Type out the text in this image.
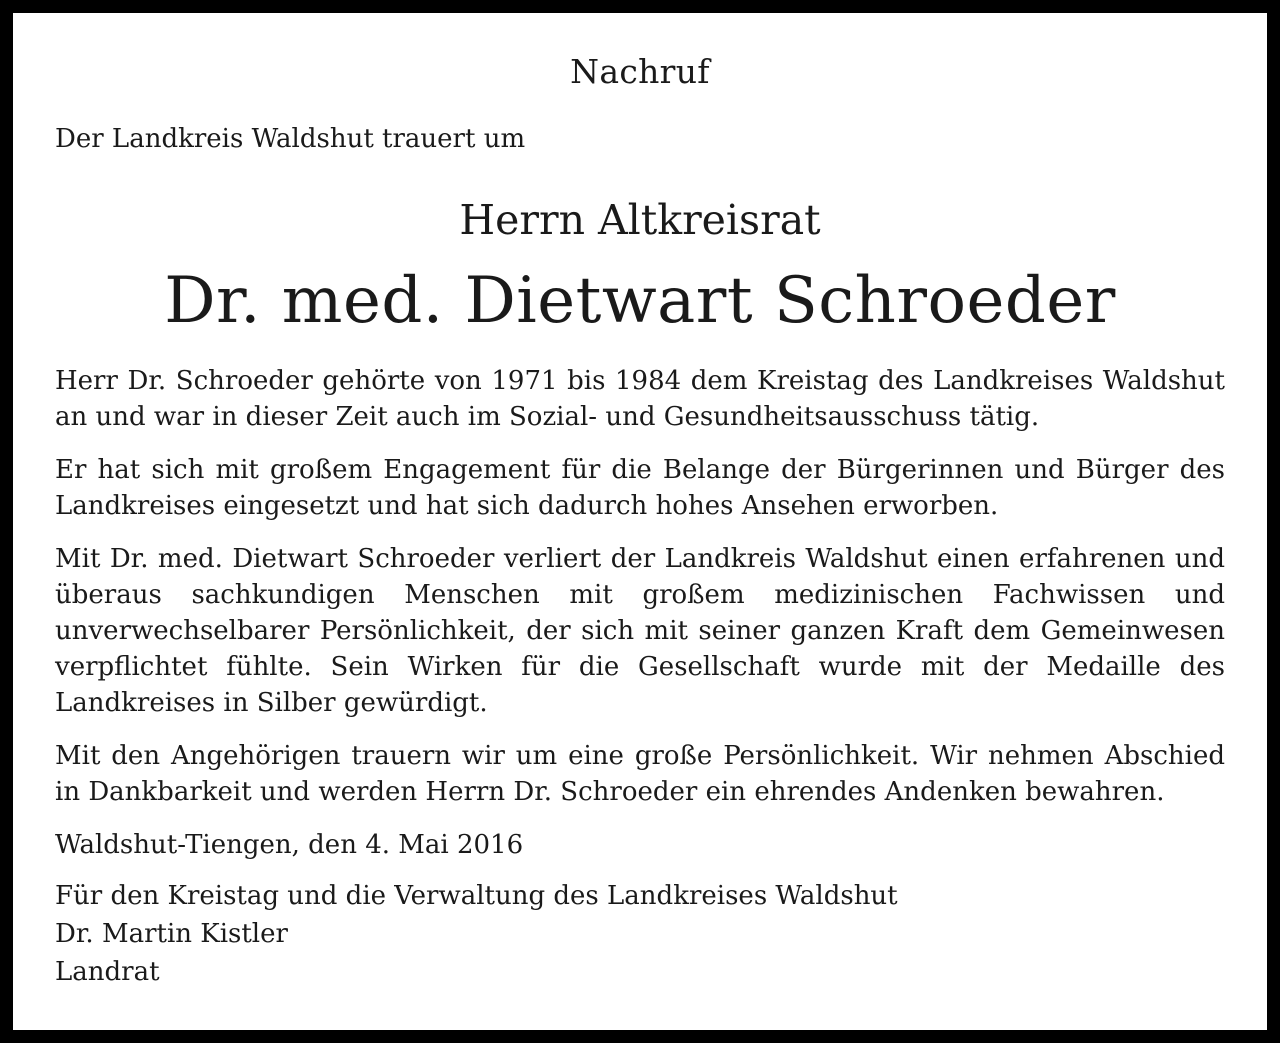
Nachruf
Der Landkreis Waldshut trauert um
Herrn Altkreisrat
Dr. med. Dietwart Schroeder

Herr Dr. Schroeder gehörte von 1971 bis 1984 dem Kreistag des Landkreises Waldshut an und war in dieser Zeit auch im Sozial- und Gesundheitsausschuss tätig.

Er hat sich mit großem Engagement für die Belange der Bürgerinnen und Bürger des Landkreises eingesetzt und hat sich dadurch hohes Ansehen erworben.

Mit Dr. med. Dietwart Schroeder verliert der Landkreis Waldshut einen erfahrenen und überaus sachkundigen Menschen mit großem medizinischen Fachwissen und unverwechselbarer Persönlichkeit, der sich mit seiner ganzen Kraft dem Gemeinwesen verpflichtet fühlte. Sein Wirken für die Gesellschaft wurde mit der Medaille des Landkreises in Silber gewürdigt.

Mit den Angehörigen trauern wir um eine große Persönlichkeit. Wir nehmen Abschied in Dankbarkeit und werden Herrn Dr. Schroeder ein ehrendes Andenken bewahren.

Waldshut-Tiengen, den 4. Mai 2016

Für den Kreistag und die Verwaltung des Landkreises Waldshut
Dr. Martin Kistler
Landrat
